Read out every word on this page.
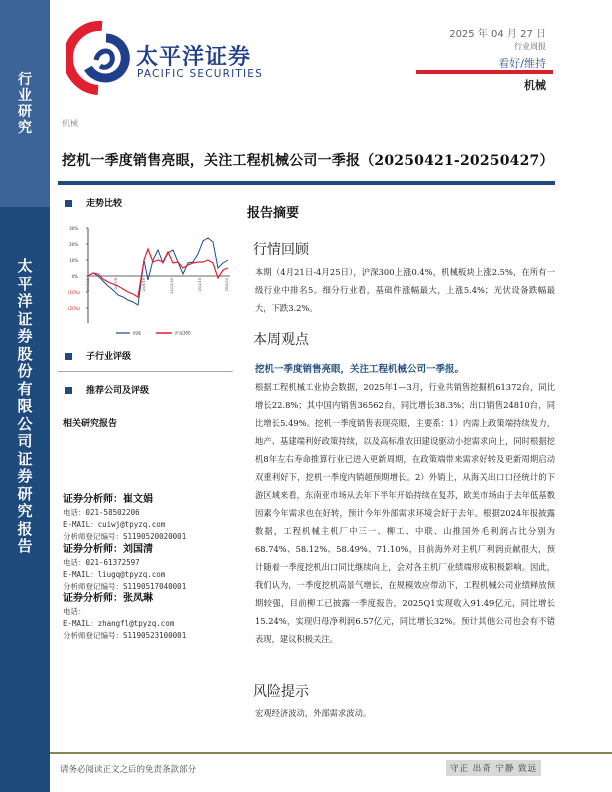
行
业
研
究
太
平
洋
证
券
股
份
有
限
公
司
证
券
研
究
报
告
太平洋证券
PACIFIC SECURITIES
2025 年 04 月 27 日
行业周报
看好/维持
机械
机械
挖机一季度销售亮眼，关注工程机械公司一季报（20250421-20250427）
走势比较
30%
20%
10%
0%
(10%)
(20%)
24/4/29	24/7/9	24/9/19	24/11/30	25/2/10	25/4/23
机械	沪深300
子行业评级
推荐公司及评级
相关研究报告
证券分析师：崔文娟
电话：021-58502206
E-MAIL：cuiwj@tpyzq.com
分析师登记编号：S1190520020001
证券分析师：刘国清
电话：021-61372597
E-MAIL：liugq@tpyzq.com
分析师登记编号：S1190517040001
证券分析师：张凤琳
电话：
E-MAIL：zhangfl@tpyzq.com
分析师登记编号：S1190523100001
报告摘要
行情回顾
本期（4月21日-4月25日），沪深300上涨0.4%，机械板块上涨2.5%，在所有一级行业中排名5。细分行业看，基础件涨幅最大，上涨5.4%；光伏设备跌幅最大，下跌3.2%。
本周观点
挖机一季度销售亮眼，关注工程机械公司一季报。
根据工程机械工业协会数据，2025年1—3月，行业共销售挖掘机61372台，同比增长22.8%；其中国内销售36562台，同比增长38.3%；出口销售24810台，同比增长5.49%。挖机一季度销售表现亮眼，主要系：1）内需上政策端持续发力，地产、基建端利好政策持续，以及高标准农田建设驱动小挖需求向上，同时根据挖机8年左右寿命推算行业已进入更新周期，在政策端带来需求好转及更新周期启动双重利好下，挖机一季度内销超预期增长。2）外销上，从海关出口口径统计的下游区域来看，东南亚市场从去年下半年开始持续在复苏，欧美市场由于去年低基数因素今年需求也在好转，预计今年外部需求环境会好于去年。根据2024年报披露数据，工程机械主机厂中三一、柳工、中联、山推国外毛利润占比分别为68.74%、58.12%、58.49%、71.10%，目前海外对主机厂利润贡献很大，预计随着一季度挖机出口同比继续向上，会对各主机厂业绩端形成积极影响。因此，我们认为，一季度挖机高景气增长，在规模效应带动下，工程机械公司业绩释放预期较强，目前柳工已披露一季度报告，2025Q1实现收入91.49亿元，同比增长15.24%，实现归母净利润6.57亿元，同比增长32%。预计其他公司也会有不错表现，建议积极关注。
风险提示
宏观经济波动，外部需求波动。
请务必阅读正文之后的免责条款部分	守正 出奇 宁静 致远
